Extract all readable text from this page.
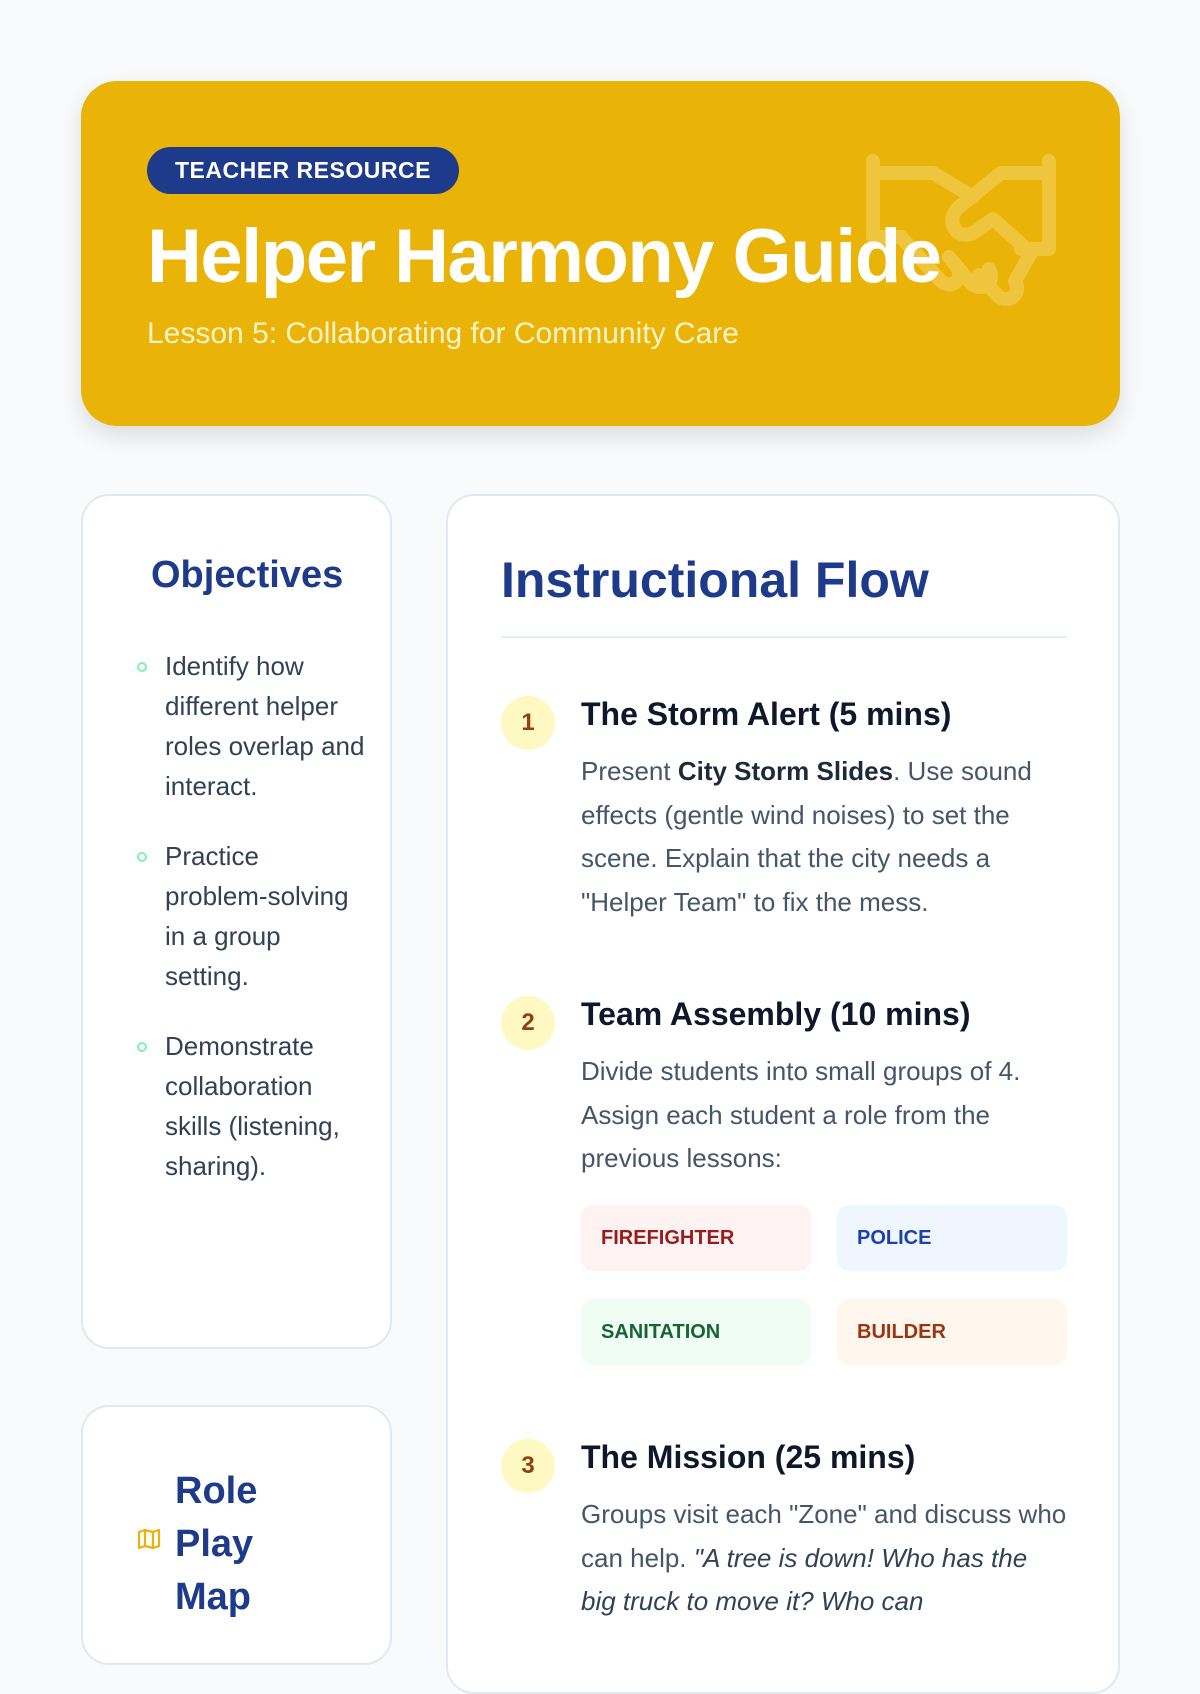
TEACHER RESOURCE
Helper Harmony Guide
Lesson 5: Collaborating for Community Care
Objectives
Identify how different helper roles overlap and interact.
Practice problem-solving in a group setting.
Demonstrate collaboration skills (listening, sharing).
Role Play Map
Instructional Flow
1	The Storm Alert (5 mins)

Present City Storm Slides. Use sound effects (gentle wind noises) to set the scene. Explain that the city needs a "Helper Team" to fix the mess.

2	Team Assembly (10 mins)

Divide students into small groups of 4. Assign each student a role from the previous lessons:

FIREFIGHTER	POLICE
SANITATION	BUILDER
3	The Mission (25 mins)

Groups visit each "Zone" and discuss who can help. "A tree is down! Who has the big truck to move it? Who can
